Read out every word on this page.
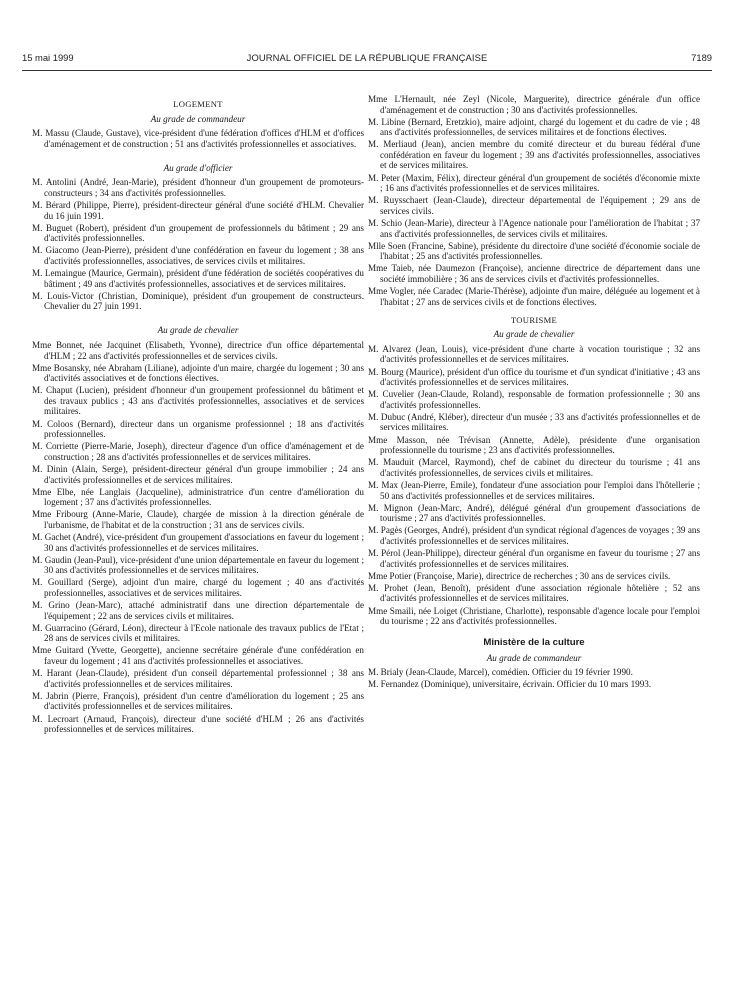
15 mai 1999	JOURNAL OFFICIEL DE LA RÉPUBLIQUE FRANÇAISE	7189
LOGEMENT
Au grade de commandeur

M. Massu (Claude, Gustave), vice-président d'une fédération d'offices d'HLM et d'offices d'aménagement et de construction ; 51 ans d'activités professionnelles et associatives.

Au grade d'officier

M. Antolini (André, Jean-Marie), président d'honneur d'un groupement de promoteurs-constructeurs ; 34 ans d'activités professionnelles.

M. Bérard (Philippe, Pierre), président-directeur général d'une société d'HLM. Chevalier du 16 juin 1991.

M. Buguet (Robert), président d'un groupement de professionnels du bâtiment ; 29 ans d'activités professionnelles.

M. Giacomo (Jean-Pierre), président d'une confédération en faveur du logement ; 38 ans d'activités professionnelles, associatives, de services civils et militaires.

M. Lemaingue (Maurice, Germain), président d'une fédération de sociétés coopératives du bâtiment ; 49 ans d'activités professionnelles, associatives et de services militaires.

M. Louis-Victor (Christian, Dominique), président d'un groupement de constructeurs. Chevalier du 27 juin 1991.

Au grade de chevalier

Mme Bonnet, née Jacquinet (Elisabeth, Yvonne), directrice d'un office départemental d'HLM ; 22 ans d'activités professionnelles et de services civils.

Mme Bosansky, née Abraham (Liliane), adjointe d'un maire, chargée du logement ; 30 ans d'activités associatives et de fonctions électives.

M. Chaput (Lucien), président d'honneur d'un groupement professionnel du bâtiment et des travaux publics ; 43 ans d'activités professionnelles, associatives et de services militaires.

M. Coloos (Bernard), directeur dans un organisme professionnel ; 18 ans d'activités professionnelles.

M. Corriette (Pierre-Marie, Joseph), directeur d'agence d'un office d'aménagement et de construction ; 28 ans d'activités professionnelles et de services militaires.

M. Dinin (Alain, Serge), président-directeur général d'un groupe immobilier ; 24 ans d'activités professionnelles et de services militaires.

Mme Elbe, née Langlais (Jacqueline), administratrice d'un centre d'amélioration du logement ; 37 ans d'activités professionnelles.

Mme Fribourg (Anne-Marie, Claude), chargée de mission à la direction générale de l'urbanisme, de l'habitat et de la construction ; 31 ans de services civils.

M. Gachet (André), vice-président d'un groupement d'associations en faveur du logement ; 30 ans d'activités professionnelles et de services militaires.

M. Gaudin (Jean-Paul), vice-président d'une union départementale en faveur du logement ; 30 ans d'activités professionnelles et de services militaires.

M. Gouillard (Serge), adjoint d'un maire, chargé du logement ; 40 ans d'activités professionnelles, associatives et de services militaires.

M. Grino (Jean-Marc), attaché administratif dans une direction départementale de l'équipement ; 22 ans de services civils et militaires.

M. Guarracino (Gérard, Léon), directeur à l'Ecole nationale des travaux publics de l'Etat ; 28 ans de services civils et militaires.

Mme Guitard (Yvette, Georgette), ancienne secrétaire générale d'une confédération en faveur du logement ; 41 ans d'activités professionnelles et associatives.

M. Harant (Jean-Claude), président d'un conseil départemental professionnel ; 38 ans d'activités professionnelles et de services militaires.

M. Jabrin (Pierre, François), président d'un centre d'amélioration du logement ; 25 ans d'activités professionnelles et de services militaires.

M. Lecroart (Arnaud, François), directeur d'une société d'HLM ; 26 ans d'activités professionnelles et de services militaires.

Mme L'Hernault, née Zeyl (Nicole, Marguerite), directrice générale d'un office d'aménagement et de construction ; 30 ans d'activités professionnelles.

M. Libine (Bernard, Eretzkio), maire adjoint, chargé du logement et du cadre de vie ; 48 ans d'activités professionnelles, de services militaires et de fonctions électives.

M. Merliaud (Jean), ancien membre du comité directeur et du bureau fédéral d'une confédération en faveur du logement ; 39 ans d'activités professionnelles, associatives et de services militaires.

M. Peter (Maxim, Félix), directeur général d'un groupement de sociétés d'économie mixte ; 16 ans d'activités professionnelles et de services militaires.

M. Ruysschaert (Jean-Claude), directeur départemental de l'équipement ; 29 ans de services civils.

M. Schio (Jean-Marie), directeur à l'Agence nationale pour l'amélioration de l'habitat ; 37 ans d'activités professionnelles, de services civils et militaires.

Mlle Soen (Francine, Sabine), présidente du directoire d'une société d'économie sociale de l'habitat ; 25 ans d'activités professionnelles.

Mme Taieb, née Daumezon (Françoise), ancienne directrice de département dans une société immobilière ; 36 ans de services civils et d'activités professionnelles.

Mme Vogler, née Caradec (Marie-Thérèse), adjointe d'un maire, déléguée au logement et à l'habitat ; 27 ans de services civils et de fonctions électives.

TOURISME
Au grade de chevalier

M. Alvarez (Jean, Louis), vice-président d'une charte à vocation touristique ; 32 ans d'activités professionnelles et de services militaires.

M. Bourg (Maurice), président d'un office du tourisme et d'un syndicat d'initiative ; 43 ans d'activités professionnelles et de services militaires.

M. Cuvelier (Jean-Claude, Roland), responsable de formation professionnelle ; 30 ans d'activités professionnelles.

M. Dubuc (André, Kléber), directeur d'un musée ; 33 ans d'activités professionnelles et de services militaires.

Mme Masson, née Trévisan (Annette, Adèle), présidente d'une organisation professionnelle du tourisme ; 23 ans d'activités professionnelles.

M. Mauduit (Marcel, Raymond), chef de cabinet du directeur du tourisme ; 41 ans d'activités professionnelles, de services civils et militaires.

M. Max (Jean-Pierre, Emile), fondateur d'une association pour l'emploi dans l'hôtellerie ; 50 ans d'activités professionnelles et de services militaires.

M. Mignon (Jean-Marc, André), délégué général d'un groupement d'associations de tourisme ; 27 ans d'activités professionnelles.

M. Pagès (Georges, André), président d'un syndicat régional d'agences de voyages ; 39 ans d'activités professionnelles et de services militaires.

M. Pérol (Jean-Philippe), directeur général d'un organisme en faveur du tourisme ; 27 ans d'activités professionnelles et de services militaires.

Mme Potier (Françoise, Marie), directrice de recherches ; 30 ans de services civils.

M. Prohet (Jean, Benoît), président d'une association régionale hôtelière ; 52 ans d'activités professionnelles et de services militaires.

Mme Smaili, née Loiget (Christiane, Charlotte), responsable d'agence locale pour l'emploi du tourisme ; 22 ans d'activités professionnelles.

Ministère de la culture
Au grade de commandeur

M. Brialy (Jean-Claude, Marcel), comédien. Officier du 19 février 1990.

M. Fernandez (Dominique), universitaire, écrivain. Officier du 10 mars 1993.
